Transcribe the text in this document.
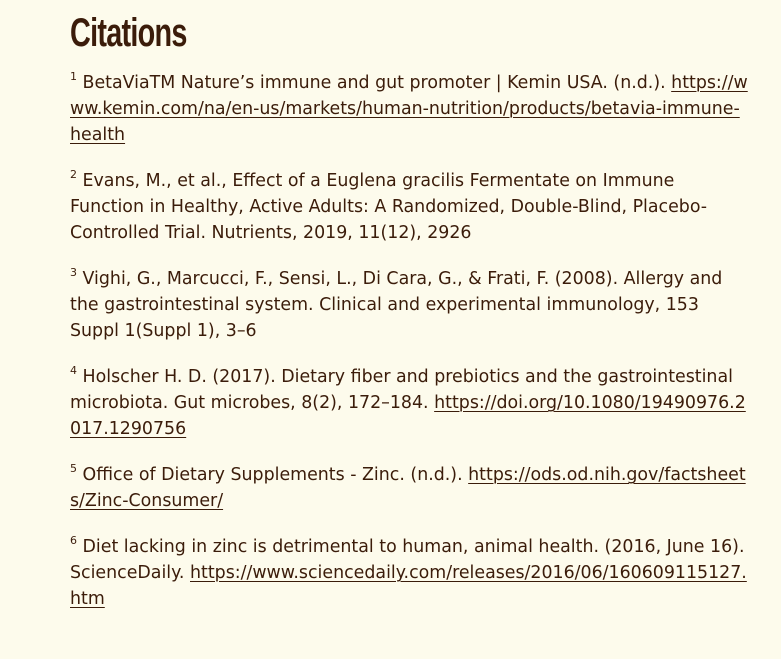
Citations

$^1$ BetaViaTM Nature’s immune and gut promoter | Kemin USA. (n.d.). https://www.kemin.com/na/en-us/markets/human-nutrition/products/betavia-immune-health

$^2$ Evans, M., et al., Effect of a Euglena gracilis Fermentate on Immune Function in Healthy, Active Adults: A Randomized, Double-Blind, Placebo-Controlled Trial. Nutrients, 2019, 11(12), 2926

$^3$ Vighi, G., Marcucci, F., Sensi, L., Di Cara, G., & Frati, F. (2008). Allergy and the gastrointestinal system. Clinical and experimental immunology, 153 Suppl 1(Suppl 1), 3–6

$^4$ Holscher H. D. (2017). Dietary fiber and prebiotics and the gastrointestinal microbiota. Gut microbes, 8(2), 172–184. https://doi.org/10.1080/19490976.2017.1290756

$^5$ Office of Dietary Supplements - Zinc. (n.d.). https://ods.od.nih.gov/factsheets/Zinc-Consumer/

$^6$ Diet lacking in zinc is detrimental to human, animal health. (2016, June 16). ScienceDaily. https://www.sciencedaily.com/releases/2016/06/160609115127.htm
